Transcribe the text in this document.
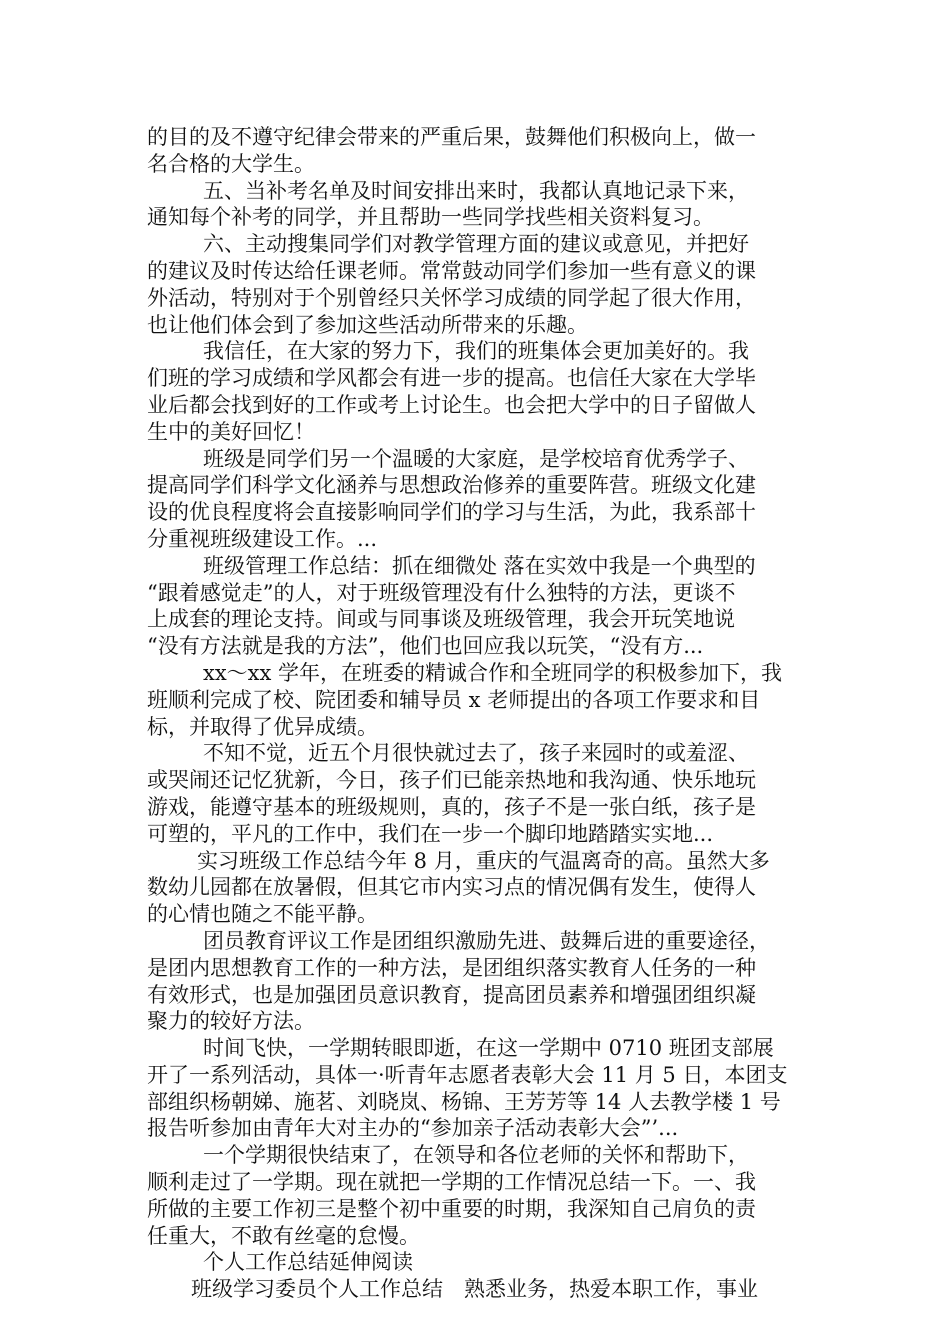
的目的及不遵守纪律会带来的严重后果，鼓舞他们积极向上，做一
名合格的大学生。
五、当补考名单及时间安排出来时，我都认真地记录下来，
通知每个补考的同学，并且帮助一些同学找些相关资料复习。
六、主动搜集同学们对教学管理方面的建议或意见，并把好
的建议及时传达给任课老师。常常鼓动同学们参加一些有意义的课
外活动，特别对于个别曾经只关怀学习成绩的同学起了很大作用，
也让他们体会到了参加这些活动所带来的乐趣。
我信任，在大家的努力下，我们的班集体会更加美好的。我
们班的学习成绩和学风都会有进一步的提高。也信任大家在大学毕
业后都会找到好的工作或考上讨论生。也会把大学中的日子留做人
生中的美好回忆！
班级是同学们另一个温暖的大家庭，是学校培育优秀学子、
提高同学们科学文化涵养与思想政治修养的重要阵营。班级文化建
设的优良程度将会直接影响同学们的学习与生活，为此，我系部十
分重视班级建设工作。...
班级管理工作总结：抓在细微处 落在实效中我是一个典型的
“跟着感觉走”的人，对于班级管理没有什么独特的方法，更谈不
上成套的理论支持。间或与同事谈及班级管理，我会开玩笑地说
“没有方法就是我的方法”，他们也回应我以玩笑，“没有方...
xx～xx 学年，在班委的精诚合作和全班同学的积极参加下，我
班顺利完成了校、院团委和辅导员 x 老师提出的各项工作要求和目
标，并取得了优异成绩。
不知不觉，近五个月很快就过去了，孩子来园时的或羞涩、
或哭闹还记忆犹新，今日，孩子们已能亲热地和我沟通、快乐地玩
游戏，能遵守基本的班级规则，真的，孩子不是一张白纸，孩子是
可塑的，平凡的工作中，我们在一步一个脚印地踏踏实实地...
实习班级工作总结今年 8 月，重庆的气温离奇的高。虽然大多
数幼儿园都在放暑假，但其它市内实习点的情况偶有发生，使得人
的心情也随之不能平静。
团员教育评议工作是团组织激励先进、鼓舞后进的重要途径，
是团内思想教育工作的一种方法，是团组织落实教育人任务的一种
有效形式，也是加强团员意识教育，提高团员素养和增强团组织凝
聚力的较好方法。
时间飞快，一学期转眼即逝，在这一学期中 0710 班团支部展
开了一系列活动，具体一·听青年志愿者表彰大会 11 月 5 日，本团支
部组织杨朝娣、施茗、刘晓岚、杨锦、王芳芳等 14 人去教学楼 1 号
报告听参加由青年大对主办的“参加亲子活动表彰大会”’...
一个学期很快结束了，在领导和各位老师的关怀和帮助下，
顺利走过了一学期。现在就把一学期的工作情况总结一下。一、我
所做的主要工作初三是整个初中重要的时期，我深知自己肩负的责
任重大，不敢有丝毫的怠慢。
个人工作总结延伸阅读
班级学习委员个人工作总结　熟悉业务，热爱本职工作，事业
